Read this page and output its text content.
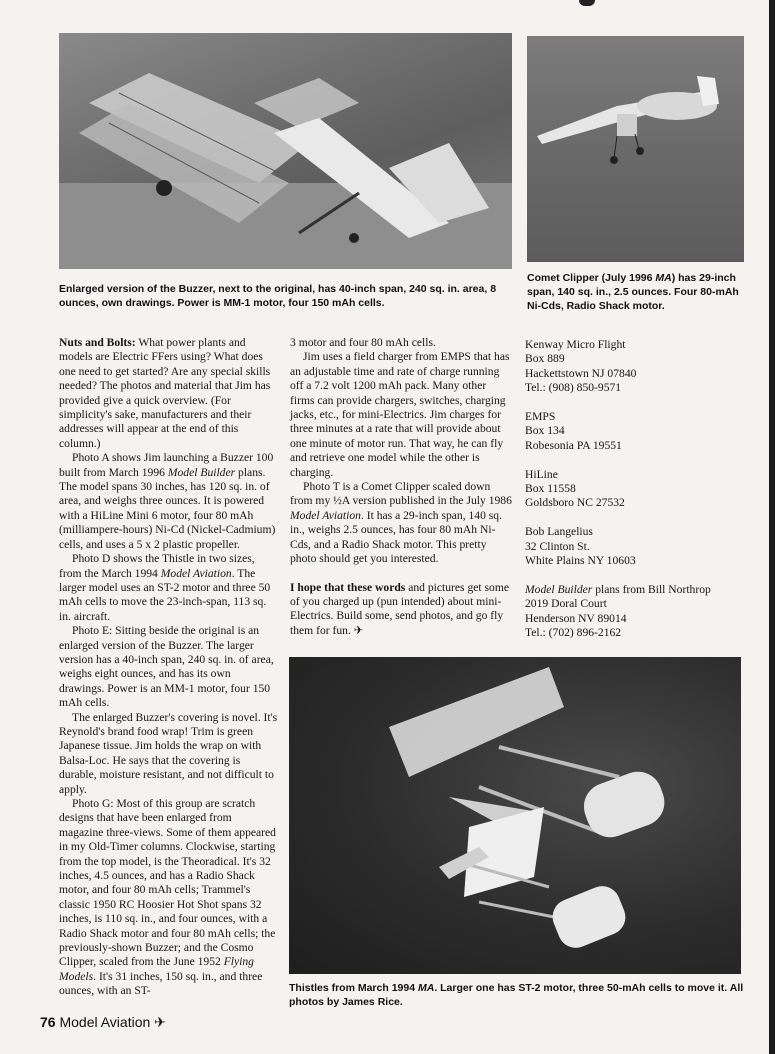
Enlarged version of the Buzzer, next to the original, has 40-inch span, 240 sq. in. area, 8 ounces, own drawings. Power is MM-1 motor, four 150 mAh cells.
Comet Clipper (July 1996 MA) has 29-inch span, 140 sq. in., 2.5 ounces. Four 80-mAh Ni-Cds, Radio Shack motor.

Nuts and Bolts: What power plants and models are Electric FFers using? What does one need to get started? Are any special skills needed? The photos and material that Jim has provided give a quick overview. (For simplicity's sake, manufacturers and their addresses will appear at the end of this column.)

Photo A shows Jim launching a Buzzer 100 built from March 1996 Model Builder plans. The model spans 30 inches, has 120 sq. in. of area, and weighs three ounces. It is powered with a HiLine Mini 6 motor, four 80 mAh (milliampere-hours) Ni-Cd (Nickel-Cadmium) cells, and uses a 5 x 2 plastic propeller.

Photo D shows the Thistle in two sizes, from the March 1994 Model Aviation. The larger model uses an ST-2 motor and three 50 mAh cells to move the 23-inch-span, 113 sq. in. aircraft.

Photo E: Sitting beside the original is an enlarged version of the Buzzer. The larger version has a 40-inch span, 240 sq. in. of area, weighs eight ounces, and has its own drawings. Power is an MM-1 motor, four 150 mAh cells.

The enlarged Buzzer's covering is novel. It's Reynold's brand food wrap! Trim is green Japanese tissue. Jim holds the wrap on with Balsa-Loc. He says that the covering is durable, moisture resistant, and not difficult to apply.

Photo G: Most of this group are scratch designs that have been enlarged from magazine three-views. Some of them appeared in my Old-Timer columns. Clockwise, starting from the top model, is the Theoradical. It's 32 inches, 4.5 ounces, and has a Radio Shack motor, and four 80 mAh cells; Trammel's classic 1950 RC Hoosier Hot Shot spans 32 inches, is 110 sq. in., and four ounces, with a Radio Shack motor and four 80 mAh cells; the previously-shown Buzzer; and the Cosmo Clipper, scaled from the June 1952 Flying Models. It's 31 inches, 150 sq. in., and three ounces, with an ST-

3 motor and four 80 mAh cells.

Jim uses a field charger from EMPS that has an adjustable time and rate of charge running off a 7.2 volt 1200 mAh pack. Many other firms can provide chargers, switches, charging jacks, etc., for mini-Electrics. Jim charges for three minutes at a rate that will provide about one minute of motor run. That way, he can fly and retrieve one model while the other is charging.

Photo T is a Comet Clipper scaled down from my ½A version published in the July 1986 Model Aviation. It has a 29-inch span, 140 sq. in., weighs 2.5 ounces, has four 80 mAh Ni-Cds, and a Radio Shack motor. This pretty photo should get you interested.

I hope that these words and pictures get some of you charged up (pun intended) about mini-Electrics. Build some, send photos, and go fly them for fun. ✈

Kenway Micro Flight
Box 889
Hackettstown NJ 07840
Tel.: (908) 850-9571
EMPS
Box 134
Robesonia PA 19551
HiLine
Box 11558
Goldsboro NC 27532
Bob Langelius
32 Clinton St.
White Plains NY 10603
Model Builder plans from Bill Northrop
2019 Doral Court
Henderson NV 89014
Tel.: (702) 896-2162
Thistles from March 1994 MA. Larger one has ST-2 motor, three 50-mAh cells to move it. All photos by James Rice.
76 Model Aviation ✈
